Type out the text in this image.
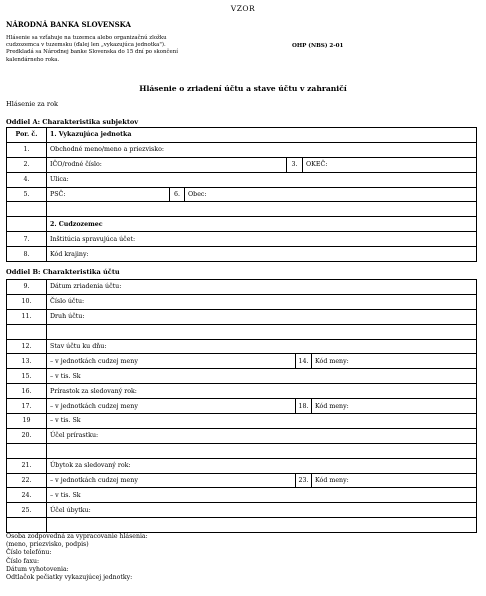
VZOR
NÁRODNÁ BANKA SLOVENSKA
Hlásenie sa vzťahuje na tuzemca alebo organizačnú zložku
cudzozemca v tuzemsku (ďalej len „vykazujúca jednotka").
Predkladá sa Národnej banke Slovenska do 15 dní po skončení
kalendárneho roka.
OHP (NBS) 2-01
Hlásenie o zriadení účtu a stave účtu v zahraničí
Hlásenie za rok
Oddiel A: Charakteristika subjektov
Por. č.	1. Vykazujúca jednotka				
1.	Obchodné meno/meno a priezvisko:				
2.	IČO/rodné číslo:			3.	OKEČ:
4.	Ulica:				
5.	PSČ:	6.	Obec:		

	2. Cudzozemec				
7.	Inštitúcia spravujúca účet:				
8.	Kód krajiny:				
Oddiel B: Charakteristika účtu
9.	Dátum zriadenia účtu:		
10.	Číslo účtu:		
11.	Druh účtu:		

12.	Stav účtu ku dňu:		
13.	– v jednotkách cudzej meny	14.	Kód meny:
15.	– v tis. Sk		
16.	Prírastok za sledovaný rok:		
17.	– v jednotkách cudzej meny	18.	Kód meny:
19	– v tis. Sk		
20.	Účel prírastku:		

21.	Úbytok za sledovaný rok:		
22.	– v jednotkách cudzej meny	23.	Kód meny:
24.	– v tis. Sk		
25.	Účel úbytku:		

Osoba zodpovedná za vypracovanie hlásenia:
(meno, priezvisko, podpis)
Číslo telefónu:
Číslo faxu:
Dátum vyhotovenia:
Odtlačok pečiatky vykazujúcej jednotky:
